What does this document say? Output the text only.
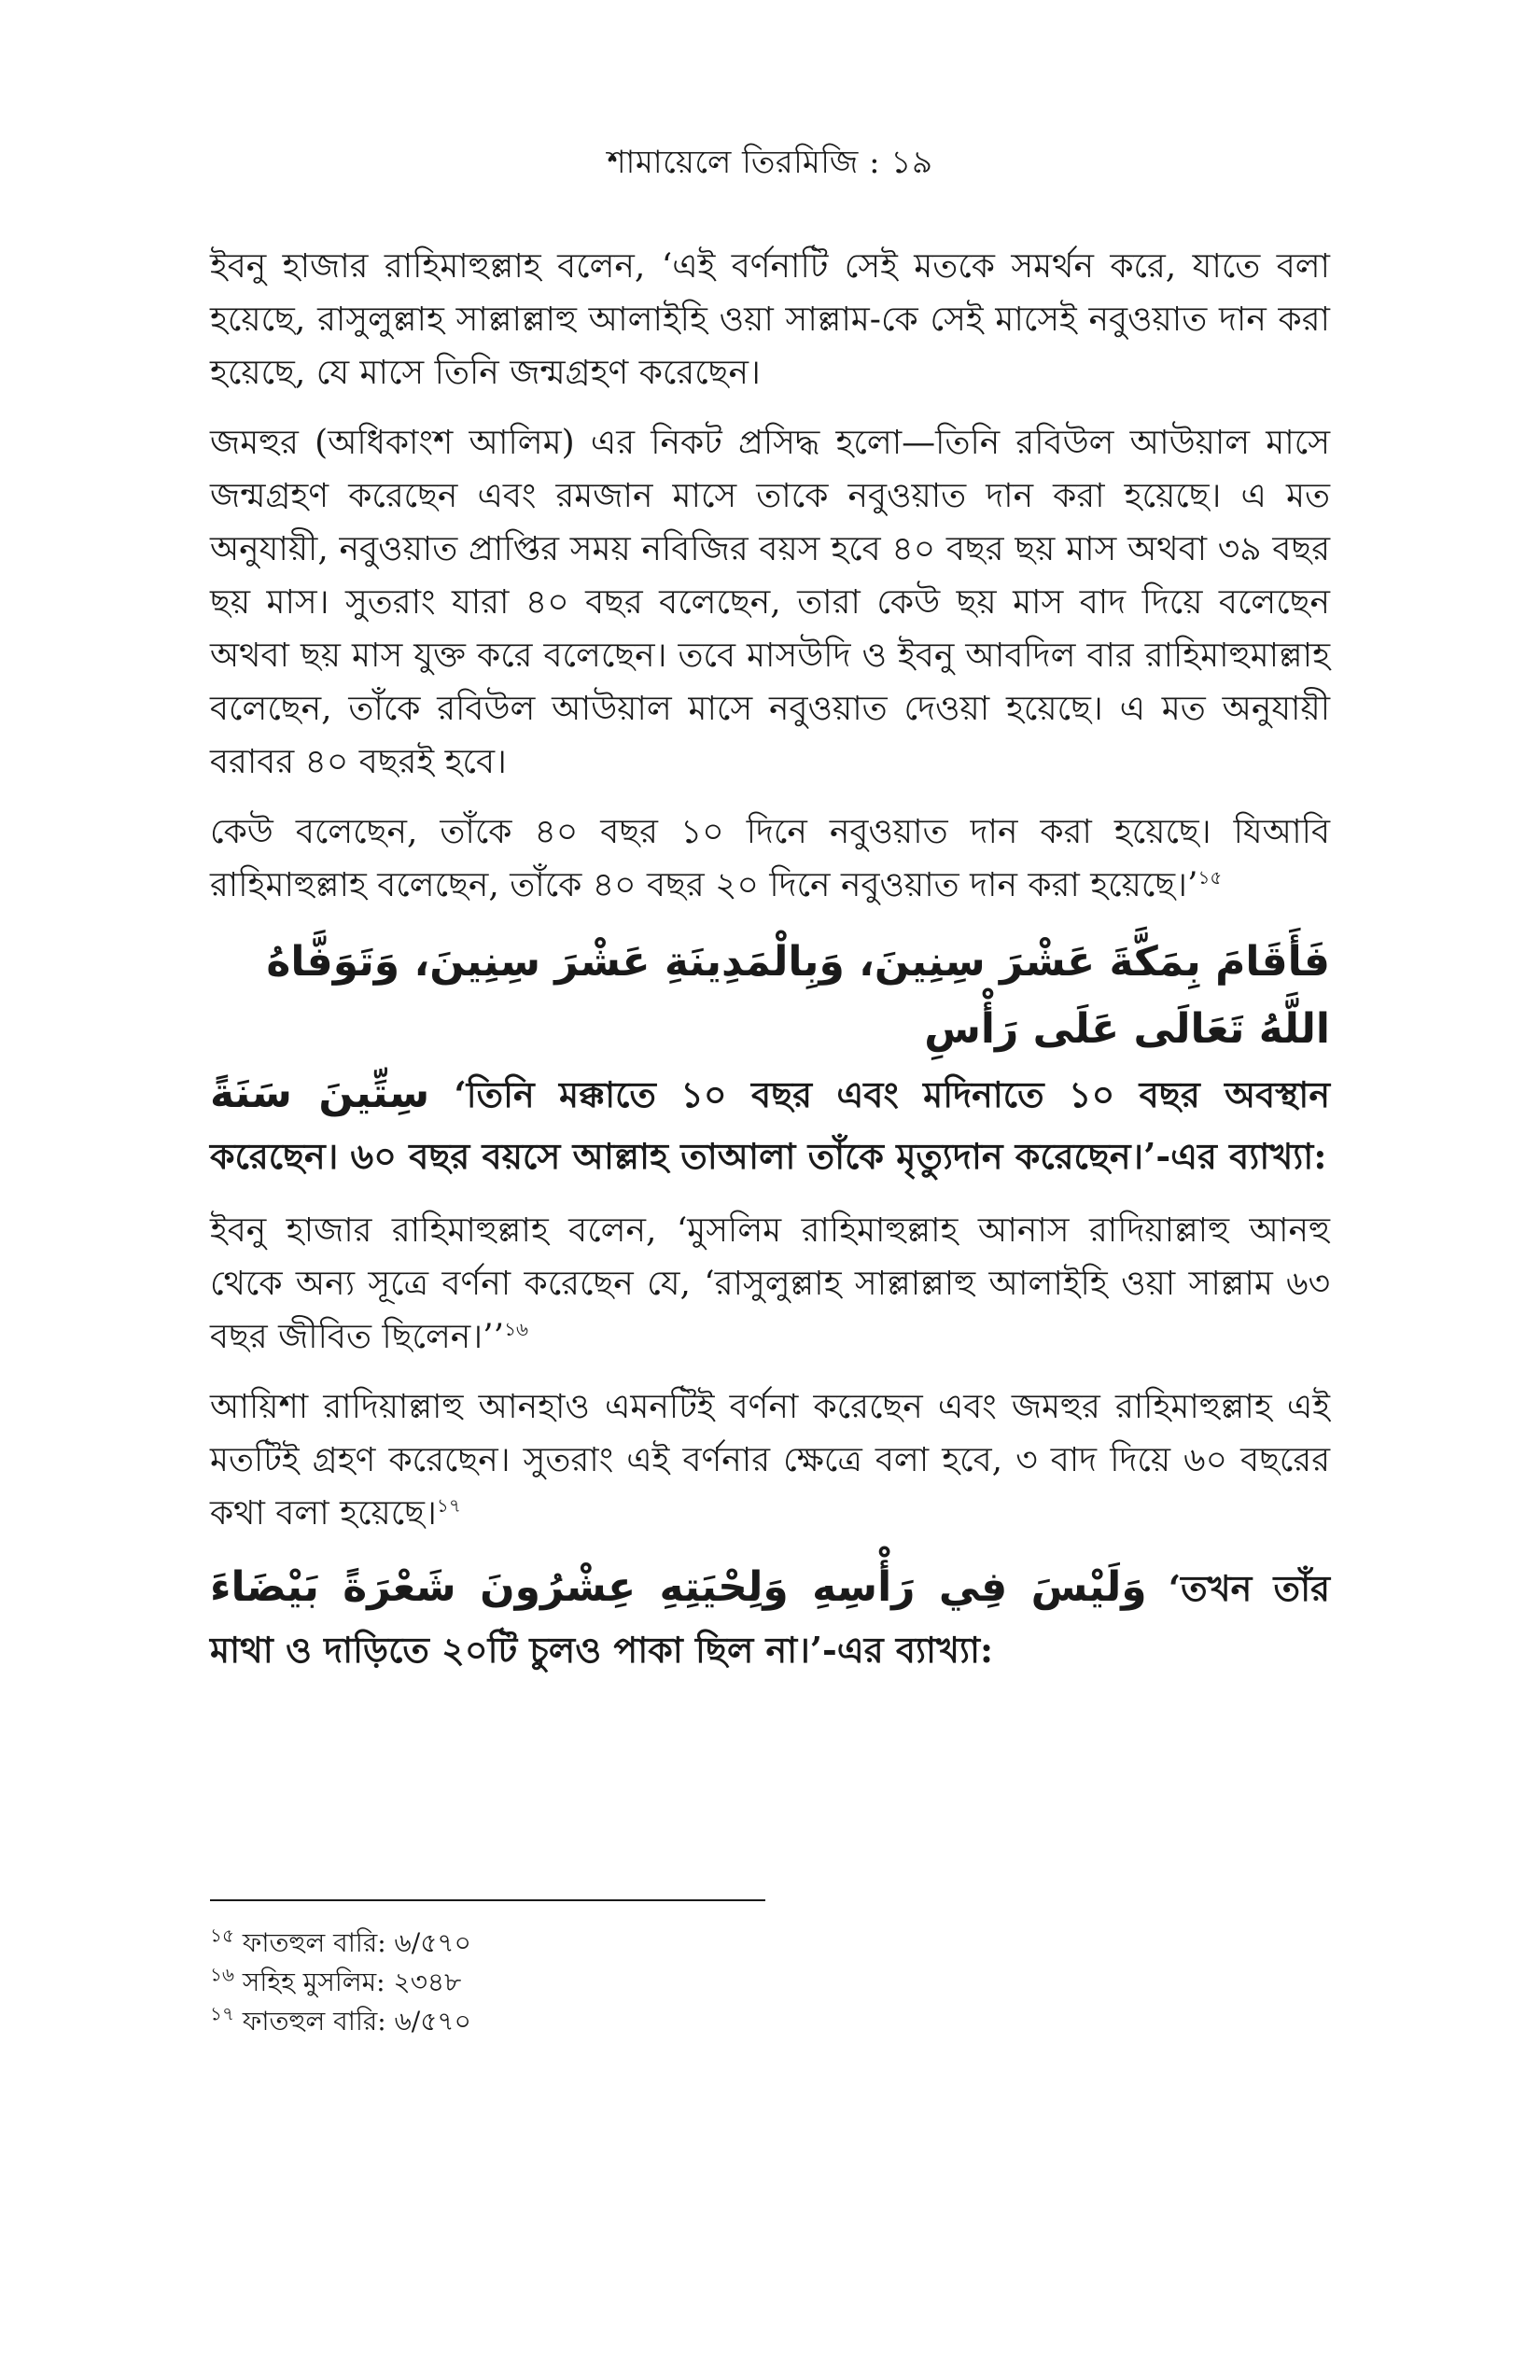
শামায়েলে তিরমিজি : ১৯

ইবনু হাজার রাহিমাহুল্লাহ বলেন, ‘এই বর্ণনাটি সেই মতকে সমর্থন করে, যাতে বলা হয়েছে, রাসুলুল্লাহ সাল্লাল্লাহু আলাইহি ওয়া সাল্লাম-কে সেই মাসেই নবুওয়াত দান করা হয়েছে, যে মাসে তিনি জন্মগ্রহণ করেছেন।

জমহুর (অধিকাংশ আলিম) এর নিকট প্রসিদ্ধ হলো—তিনি রবিউল আউয়াল মাসে জন্মগ্রহণ করেছেন এবং রমজান মাসে তাকে নবুওয়াত দান করা হয়েছে। এ মত অনুযায়ী, নবুওয়াত প্রাপ্তির সময় নবিজির বয়স হবে ৪০ বছর ছয় মাস অথবা ৩৯ বছর ছয় মাস। সুতরাং যারা ৪০ বছর বলেছেন, তারা কেউ ছয় মাস বাদ দিয়ে বলেছেন অথবা ছয় মাস যুক্ত করে বলেছেন। তবে মাসউদি ও ইবনু আবদিল বার রাহিমাহুমাল্লাহ বলেছেন, তাঁকে রবিউল আউয়াল মাসে নবুওয়াত দেওয়া হয়েছে। এ মত অনুযায়ী বরাবর ৪০ বছরই হবে।

কেউ বলেছেন, তাঁকে ৪০ বছর ১০ দিনে নবুওয়াত দান করা হয়েছে। যিআবি রাহিমাহুল্লাহ বলেছেন, তাঁকে ৪০ বছর ২০ দিনে নবুওয়াত দান করা হয়েছে।’$^{১৫}$

فَأَقَامَ بِمَكَّةَ عَشْرَ سِنِينَ، وَبِالْمَدِينَةِ عَشْرَ سِنِينَ، وَتَوَفَّاهُ اللَّهُ تَعَالَى عَلَى رَأْسِ
سِتِّينَ سَنَةً ‘তিনি মক্কাতে ১০ বছর এবং মদিনাতে ১০ বছর অবস্থান করেছেন। ৬০ বছর বয়সে আল্লাহ তাআলা তাঁকে মৃত্যুদান করেছেন।’-এর ব্যাখ্যা:

ইবনু হাজার রাহিমাহুল্লাহ বলেন, ‘মুসলিম রাহিমাহুল্লাহ আনাস রাদিয়াল্লাহু আনহু থেকে অন্য সূত্রে বর্ণনা করেছেন যে, ‘রাসুলুল্লাহ সাল্লাল্লাহু আলাইহি ওয়া সাল্লাম ৬৩ বছর জীবিত ছিলেন।’’$^{১৬}$

আয়িশা রাদিয়াল্লাহু আনহাও এমনটিই বর্ণনা করেছেন এবং জমহুর রাহিমাহুল্লাহ এই মতটিই গ্রহণ করেছেন। সুতরাং এই বর্ণনার ক্ষেত্রে বলা হবে, ৩ বাদ দিয়ে ৬০ বছরের কথা বলা হয়েছে।$^{১৭}$

وَلَيْسَ فِي رَأْسِهِ وَلِحْيَتِهِ عِشْرُونَ شَعْرَةً بَيْضَاءَ ‘তখন তাঁর মাথা ও দাড়িতে ২০টি চুলও পাকা ছিল না।’-এর ব্যাখ্যা:

$^{১৫}$ ফাতহুল বারি: ৬/৫৭০

$^{১৬}$ সহিহ মুসলিম: ২৩৪৮

$^{১৭}$ ফাতহুল বারি: ৬/৫৭০
